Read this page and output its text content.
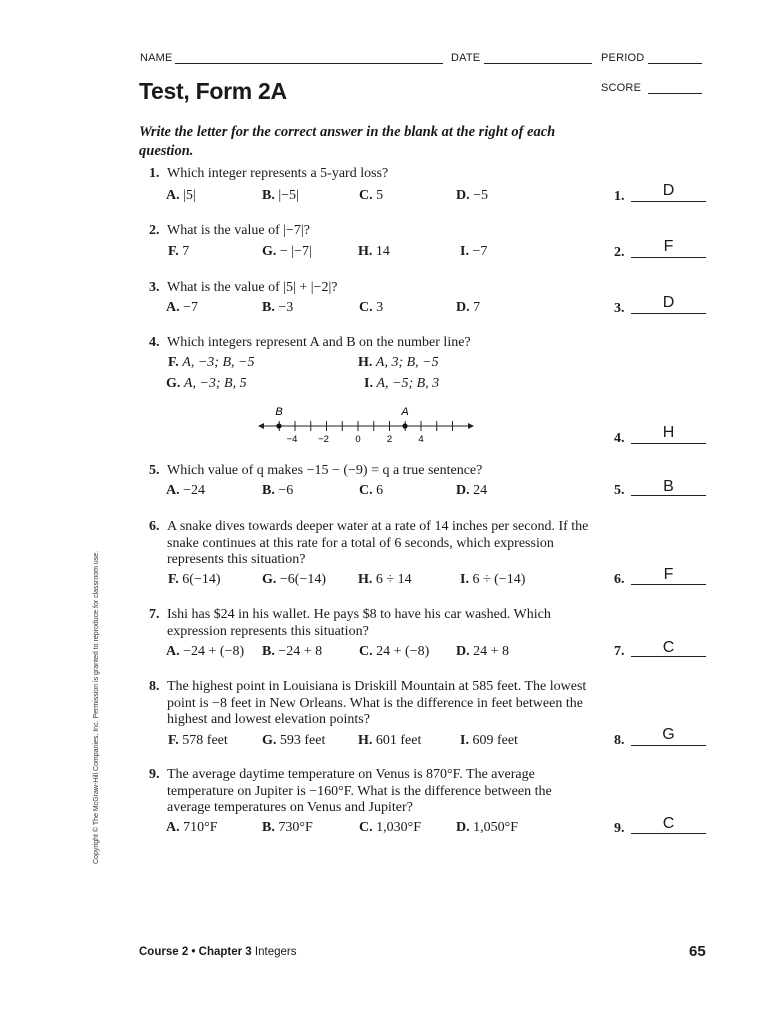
NAME	DATE	PERIOD
Test, Form 2A	SCORE
Write the letter for the correct answer in the blank at the right of each question.
1. Which integer represents a 5-yard loss?
A. |5|	B. |−5|	C. 5	D. −5	1.	D
2. What is the value of |−7|?
F. 7	G. − |−7|	H. 14	I. −7	2.	F
3. What is the value of |5| + |−2|?
A. −7	B. −3	C. 3	D. 7	3.	D
4. Which integers represent A and B on the number line?
F. A, −3; B, −5	H. A, 3; B, −5
G. A, −3; B, 5	I. A, −5; B, 3
B	A
−4 −2	0	2	4	4.	H
5. Which value of q makes −15 − (−9) = q a true sentence?
A. −24	B. −6	C. 6	D. 24	5.	B
6. A snake dives towards deeper water at a rate of 14 inches per second. If the snake continues at this rate for a total of 6 seconds, which expression represents this situation?
F. 6(−14)	G. −6(−14) H. 6 ÷ 14	I. 6 ÷ (−14)	6.	F
7. Ishi has $24 in his wallet. He pays $8 to have his car washed. Which expression represents this situation?
A. −24 + (−8) B. −24 + 8	C. 24 + (−8) D. 24 + 8	7.	C
8. The highest point in Louisiana is Driskill Mountain at 585 feet. The lowest point is −8 feet in New Orleans. What is the difference in feet between the highest and lowest elevation points?
F. 578 feet G. 593 feet H. 601 feet	I. 609 feet	8.	G
9. The average daytime temperature on Venus is 870°F. The average temperature on Jupiter is −160°F. What is the difference between the average temperatures on Venus and Jupiter?
A. 710°F	B. 730°F	C. 1,030°F D. 1,050°F	9.	C
Copyright © The McGraw-Hill Companies, Inc. Permission is granted to reproduce for classroom use.
Course 2 • Chapter 3 Integers	65
